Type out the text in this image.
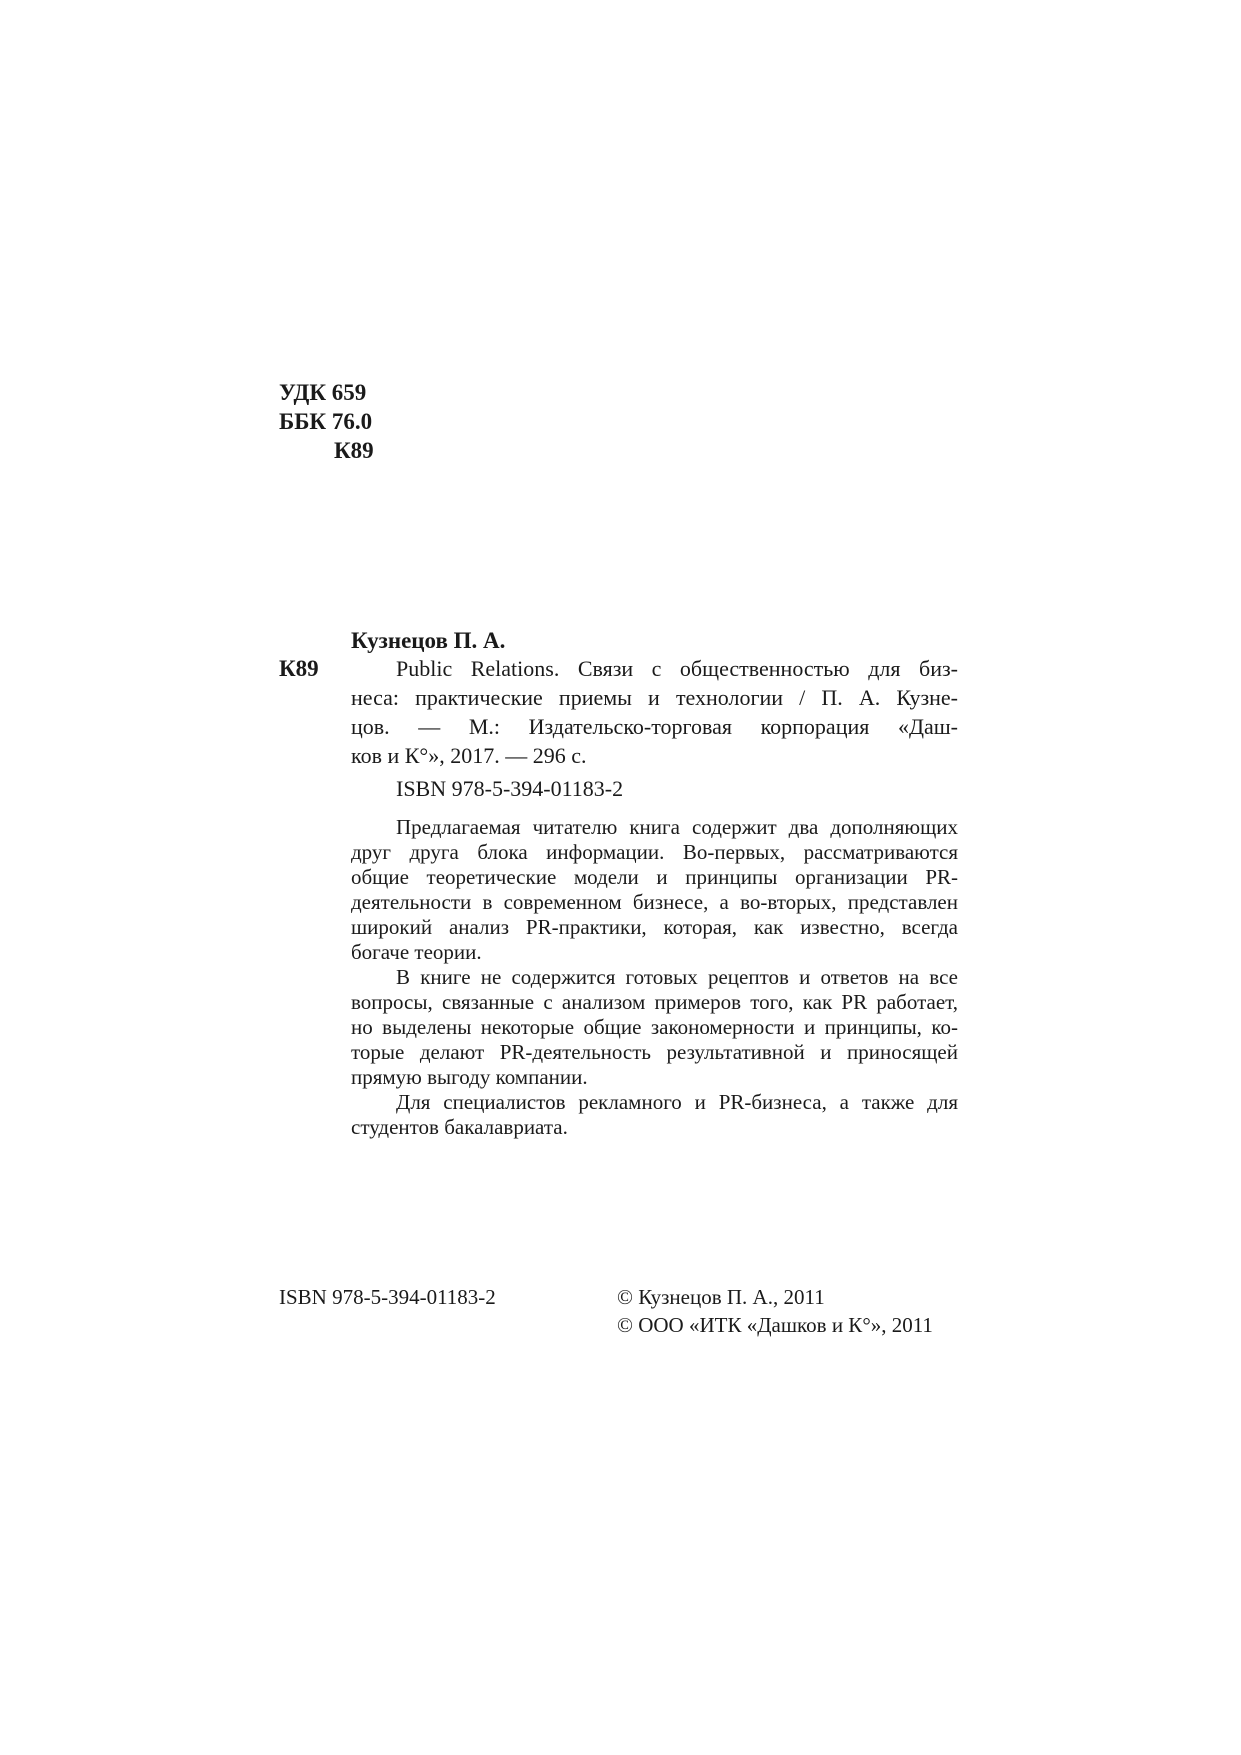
УДК 659
ББК 76.0
К89
Кузнецов П. А.
К89	Public Relations. Связи с общественностью для биз-
неса: практические приемы и технологии / П. А. Кузне-
цов. — М.: Издательско-торговая корпорация «Даш-
ков и К°», 2017. — 296 с.
ISBN 978-5-394-01183-2
Предлагаемая читателю книга содержит два дополняющих
друг друга блока информации. Во-первых, рассматриваются
общие теоретические модели и принципы организации PR-
деятельности в современном бизнесе, а во-вторых, представлен
широкий анализ PR-практики, которая, как известно, всегда
богаче теории.
В книге не содержится готовых рецептов и ответов на все
вопросы, связанные с анализом примеров того, как PR работает,
но выделены некоторые общие закономерности и принципы, ко-
торые делают PR-деятельность результативной и приносящей
прямую выгоду компании.
Для специалистов рекламного и PR-бизнеса, а также для
студентов бакалавриата.
ISBN 978-5-394-01183-2	© Кузнецов П. А., 2011
© ООО «ИТК «Дашков и К°», 2011
